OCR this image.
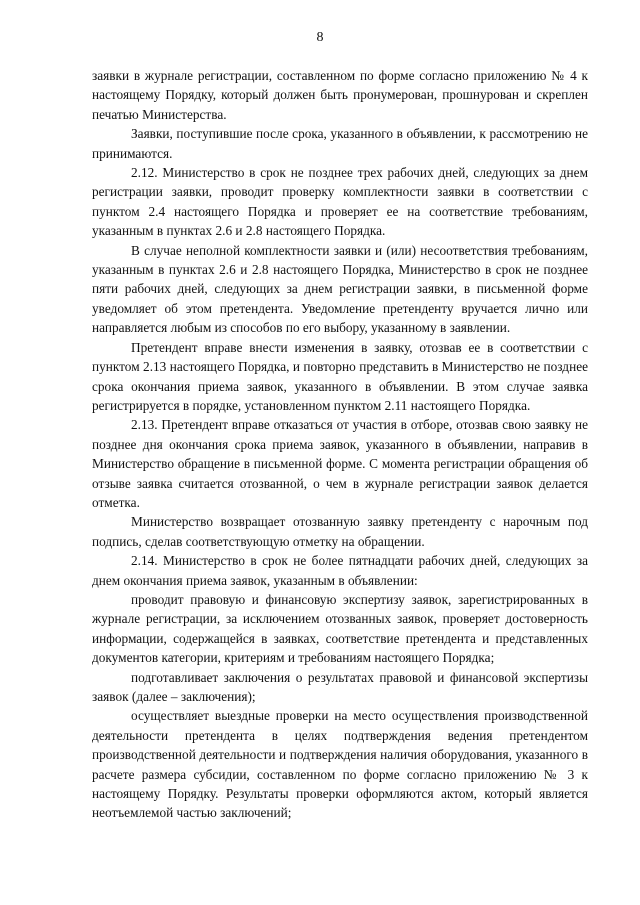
8

заявки в журнале регистрации, составленном по форме согласно приложению № 4 к настоящему Порядку, который должен быть пронумерован, прошнурован и скреплен печатью Министерства.

Заявки, поступившие после срока, указанного в объявлении, к рассмотрению не принимаются.

2.12. Министерство в срок не позднее трех рабочих дней, следующих за днем регистрации заявки, проводит проверку комплектности заявки в соответствии с пунктом 2.4 настоящего Порядка и проверяет ее на соответствие требованиям, указанным в пунктах 2.6 и 2.8 настоящего Порядка.

В случае неполной комплектности заявки и (или) несоответствия требованиям, указанным в пунктах 2.6 и 2.8 настоящего Порядка, Министерство в срок не позднее пяти рабочих дней, следующих за днем регистрации заявки, в письменной форме уведомляет об этом претендента. Уведомление претенденту вручается лично или направляется любым из способов по его выбору, указанному в заявлении.

Претендент вправе внести изменения в заявку, отозвав ее в соответствии с пунктом 2.13 настоящего Порядка, и повторно представить в Министерство не позднее срока окончания приема заявок, указанного в объявлении. В этом случае заявка регистрируется в порядке, установленном пунктом 2.11 настоящего Порядка.

2.13. Претендент вправе отказаться от участия в отборе, отозвав свою заявку не позднее дня окончания срока приема заявок, указанного в объявлении, направив в Министерство обращение в письменной форме. С момента регистрации обращения об отзыве заявка считается отозванной, о чем в журнале регистрации заявок делается отметка.

Министерство возвращает отозванную заявку претенденту с нарочным под подпись, сделав соответствующую отметку на обращении.

2.14. Министерство в срок не более пятнадцати рабочих дней, следующих за днем окончания приема заявок, указанным в объявлении:

проводит правовую и финансовую экспертизу заявок, зарегистрированных в журнале регистрации, за исключением отозванных заявок, проверяет достоверность информации, содержащейся в заявках, соответствие претендента и представленных документов категории, критериям и требованиям настоящего Порядка;

подготавливает заключения о результатах правовой и финансовой экспертизы заявок (далее – заключения);

осуществляет выездные проверки на место осуществления производственной деятельности претендента в целях подтверждения ведения претендентом производственной деятельности и подтверждения наличия оборудования, указанного в расчете размера субсидии, составленном по форме согласно приложению № 3 к настоящему Порядку. Результаты проверки оформляются актом, который является неотъемлемой частью заключений;
